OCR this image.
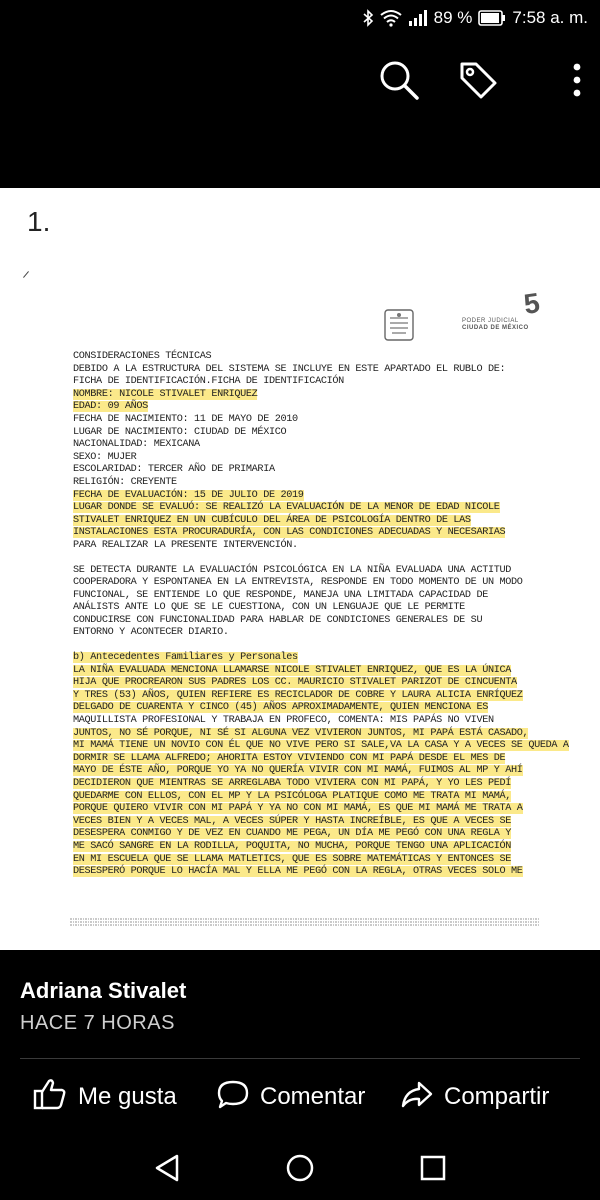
89 % 7:58 a. m.
1.
5
PODER JUDICIAL
CIUDAD DE MÉXICO
CONSIDERACIONES TÉCNICAS
DEBIDO A LA ESTRUCTURA DEL SISTEMA SE INCLUYE EN ESTE APARTADO EL RUBLO DE:
FICHA DE IDENTIFICACIÓN.FICHA DE IDENTIFICACIÓN
NOMBRE: NICOLE STIVALET ENRIQUEZ
EDAD: 09 AÑOS
FECHA DE NACIMIENTO: 11 DE MAYO DE 2010
LUGAR DE NACIMIENTO: CIUDAD DE MÉXICO
NACIONALIDAD: MEXICANA
SEXO: MUJER
ESCOLARIDAD: TERCER AÑO DE PRIMARIA
RELIGIÓN: CREYENTE
FECHA DE EVALUACIÓN: 15 DE JULIO DE 2019
LUGAR DONDE SE EVALUÓ: SE REALIZÓ LA EVALUACIÓN DE LA MENOR DE EDAD NICOLE
STIVALET ENRIQUEZ EN UN CUBÍCULO DEL ÁREA DE PSICOLOGÍA DENTRO DE LAS
INSTALACIONES ESTA PROCURADURÍA, CON LAS CONDICIONES ADECUADAS Y NECESARIAS
PARA REALIZAR LA PRESENTE INTERVENCIÓN.
SE DETECTA DURANTE LA EVALUACIÓN PSICOLÓGICA EN LA NIÑA EVALUADA UNA ACTITUD
COOPERADORA Y ESPONTANEA EN LA ENTREVISTA, RESPONDE EN TODO MOMENTO DE UN MODO
FUNCIONAL, SE ENTIENDE LO QUE RESPONDE, MANEJA UNA LIMITADA CAPACIDAD DE
ANÁLISTS ANTE LO QUE SE LE CUESTIONA, CON UN LENGUAJE QUE LE PERMITE
CONDUCIRSE CON FUNCIONALIDAD PARA HABLAR DE CONDICIONES GENERALES DE SU
ENTORNO Y ACONTECER DIARIO.
b) Antecedentes Familiares y Personales
LA NIÑA EVALUADA MENCIONA LLAMARSE NICOLE STIVALET ENRIQUEZ, QUE ES LA ÚNICA
HIJA QUE PROCREARON SUS PADRES LOS CC. MAURICIO STIVALET PARIZOT DE CINCUENTA
Y TRES (53) AÑOS, QUIEN REFIERE ES RECICLADOR DE COBRE Y LAURA ALICIA ENRÍQUEZ
DELGADO DE CUARENTA Y CINCO (45) AÑOS APROXIMADAMENTE, QUIEN MENCIONA ES
MAQUILLISTA PROFESIONAL Y TRABAJA EN PROFECO, COMENTA: MIS PAPÁS NO VIVEN
JUNTOS, NO SÉ PORQUE, NI SÉ SI ALGUNA VEZ VIVIERON JUNTOS, MI PAPÁ ESTÁ CASADO,
MI MAMÁ TIENE UN NOVIO CON ÉL QUE NO VIVE PERO SI SALE,VA LA CASA Y A VECES SE QUEDA A
DORMIR SE LLAMA ALFREDO; AHORITA ESTOY VIVIENDO CON MI PAPÁ DESDE EL MES DE
MAYO DE ÉSTE AÑO, PORQUE YO YA NO QUERÍA VIVIR CON MI MAMÁ, FUIMOS AL MP Y AHÍ
DECIDIERON QUE MIENTRAS SE ARREGLABA TODO VIVIERA CON MI PAPÁ, Y YO LES PEDÍ
QUEDARME CON ELLOS, CON EL MP Y LA PSICÓLOGA PLATIQUE COMO ME TRATA MI MAMÁ,
PORQUE QUIERO VIVIR CON MI PAPÁ Y YA NO CON MI MAMÁ, ES QUE MI MAMÁ ME TRATA A
VECES BIEN Y A VECES MAL, A VECES SÚPER Y HASTA INCREÍBLE, ES QUE A VECES SE
DESESPERA CONMIGO Y DE VEZ EN CUANDO ME PEGA, UN DÍA ME PEGÓ CON UNA REGLA Y
ME SACÓ SANGRE EN LA RODILLA, POQUITA, NO MUCHA, PORQUE TENGO UNA APLICACIÓN
EN MI ESCUELA QUE SE LLAMA MATLETICS, QUE ES SOBRE MATEMÁTICAS Y ENTONCES SE
DESESPERÓ PORQUE LO HACÍA MAL Y ELLA ME PEGÓ CON LA REGLA, OTRAS VECES SOLO ME
Adriana Stivalet
HACE 7 HORAS
Me gusta	Comentar	Compartir
